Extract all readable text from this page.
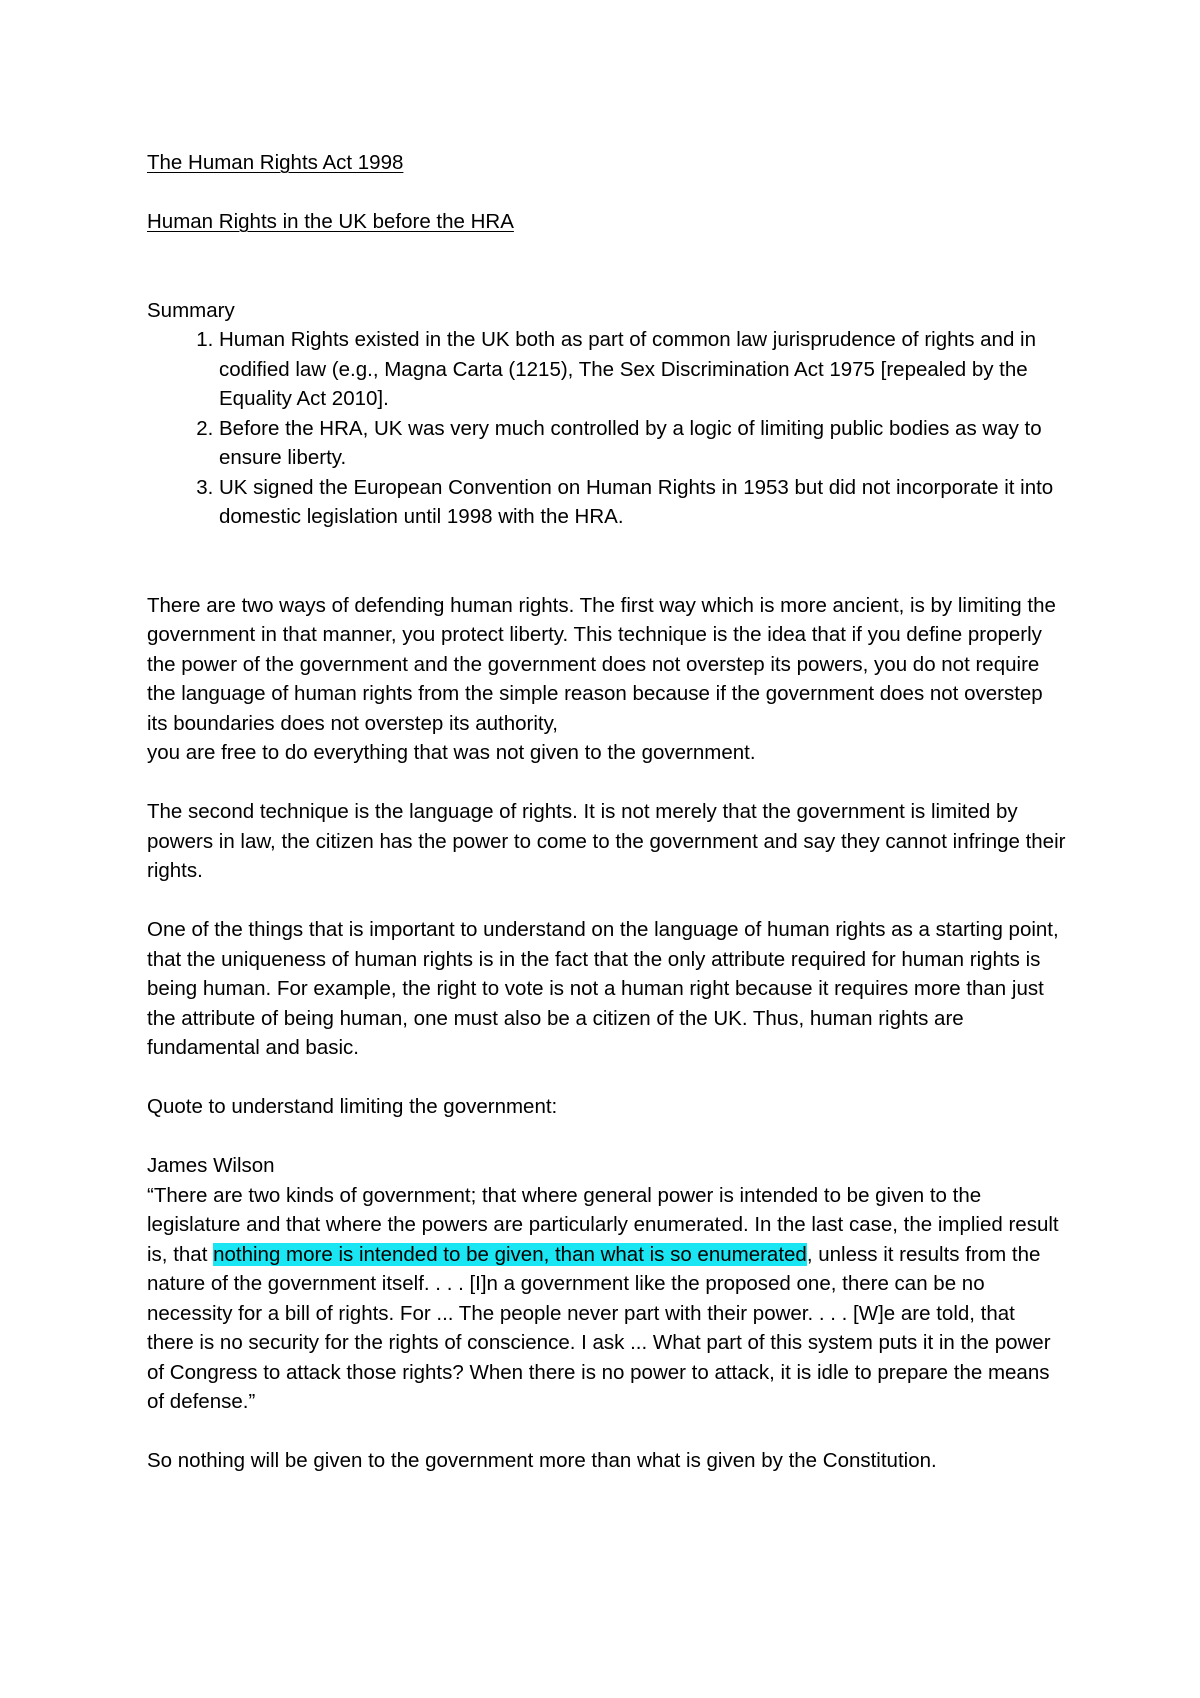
The Human Rights Act 1998

Human Rights in the UK before the HRA

Summary

1. Human Rights existed in the UK both as part of common law jurisprudence of rights and in codified law (e.g., Magna Carta (1215), The Sex Discrimination Act 1975 [repealed by the Equality Act 2010].
2. Before the HRA, UK was very much controlled by a logic of limiting public bodies as way to ensure liberty.
3. UK signed the European Convention on Human Rights in 1953 but did not incorporate it into domestic legislation until 1998 with the HRA.

There are two ways of defending human rights. The first way which is more ancient, is by limiting the government in that manner, you protect liberty. This technique is the idea that if you define properly the power of the government and the government does not overstep its powers, you do not require the language of human rights from the simple reason because if the government does not overstep its boundaries does not overstep its authority,

you are free to do everything that was not given to the government.

The second technique is the language of rights. It is not merely that the government is limited by powers in law, the citizen has the power to come to the government and say they cannot infringe their rights.

One of the things that is important to understand on the language of human rights as a starting point, that the uniqueness of human rights is in the fact that the only attribute required for human rights is being human. For example, the right to vote is not a human right because it requires more than just the attribute of being human, one must also be a citizen of the UK. Thus, human rights are fundamental and basic.

Quote to understand limiting the government:

James Wilson

“There are two kinds of government; that where general power is intended to be given to the legislature and that where the powers are particularly enumerated. In the last case, the implied result is, that nothing more is intended to be given, than what is so enumerated, unless it results from the nature of the government itself. . . . [I]n a government like the proposed one, there can be no necessity for a bill of rights. For ... The people never part with their power. . . . [W]e are told, that there is no security for the rights of conscience. I ask ... What part of this system puts it in the power of Congress to attack those rights? When there is no power to attack, it is idle to prepare the means of defense.”

So nothing will be given to the government more than what is given by the Constitution.
